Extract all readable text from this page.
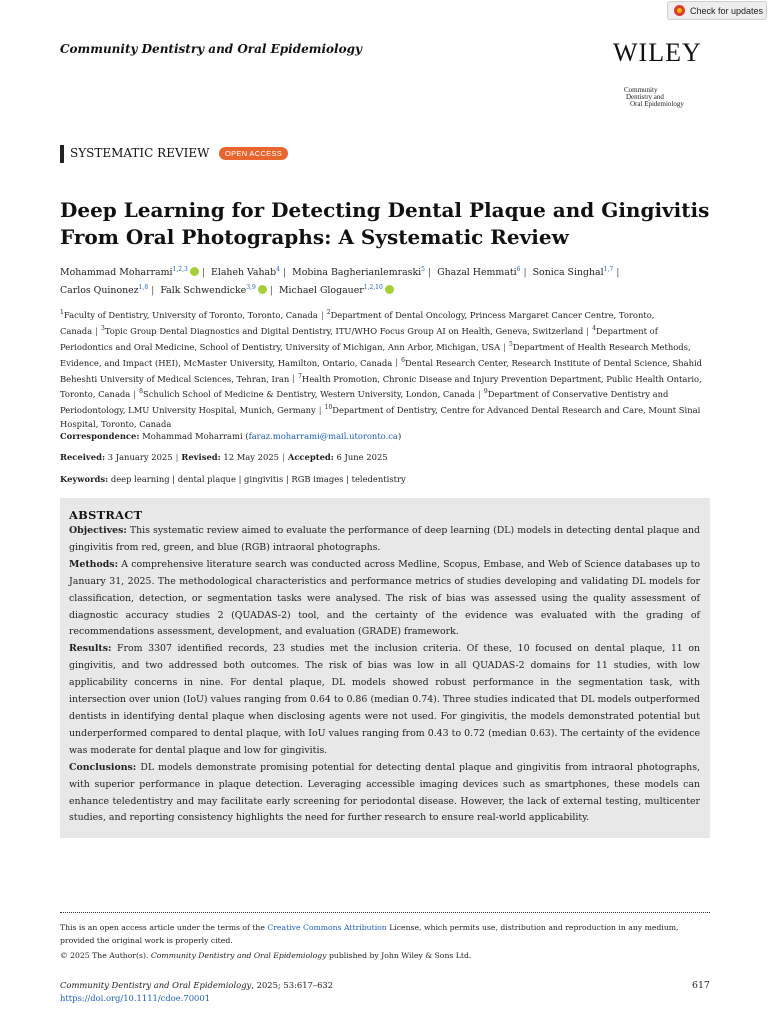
Check for updates
Community Dentistry and Oral Epidemiology	WILEY
Community
Dentistry and
Oral Epidemiology
SYSTEMATIC REVIEW	OPEN ACCESS
Deep Learning for Detecting Dental Plaque and Gingivitis
From Oral Photographs: A Systematic Review
Mohammad Moharrami$^{1,2,3}$ | Elaheh Vahab$^4$ | Mobina Bagherianlemraski$^5$ | Ghazal Hemmati$^6$ | Sonica Singhal$^{1,7}$ |
Carlos Quinonez$^{1,8}$ | Falk Schwendicke$^{3,9}$ | Michael Glogauer$^{1,2,10}$
$^1$Faculty of Dentistry, University of Toronto, Toronto, Canada | $^2$Department of Dental Oncology, Princess Margaret Cancer Centre, Toronto, Canada | $^3$Topic Group Dental Diagnostics and Digital Dentistry, ITU/WHO Focus Group AI on Health, Geneva, Switzerland | $^4$Department of Periodontics and Oral Medicine, School of Dentistry, University of Michigan, Ann Arbor, Michigan, USA | $^5$Department of Health Research Methods, Evidence, and Impact (HEI), McMaster University, Hamilton, Ontario, Canada | $^6$Dental Research Center, Research Institute of Dental Science, Shahid Beheshti University of Medical Sciences, Tehran, Iran | $^7$Health Promotion, Chronic Disease and Injury Prevention Department, Public Health Ontario, Toronto, Canada | $^8$Schulich School of Medicine & Dentistry, Western University, London, Canada | $^9$Department of Conservative Dentistry and Periodontology, LMU University Hospital, Munich, Germany | $^{10}$Department of Dentistry, Centre for Advanced Dental Research and Care, Mount Sinai Hospital, Toronto, Canada
Correspondence: Mohammad Moharrami (faraz.moharrami@mail.utoronto.ca)
Received: 3 January 2025 | Revised: 12 May 2025 | Accepted: 6 June 2025
Keywords: deep learning | dental plaque | gingivitis | RGB images | teledentistry
ABSTRACT

Objectives: This systematic review aimed to evaluate the performance of deep learning (DL) models in detecting dental plaque and gingivitis from red, green, and blue (RGB) intraoral photographs.

Methods: A comprehensive literature search was conducted across Medline, Scopus, Embase, and Web of Science databases up to January 31, 2025. The methodological characteristics and performance metrics of studies developing and validating DL models for classification, detection, or segmentation tasks were analysed. The risk of bias was assessed using the quality assessment of diagnostic accuracy studies 2 (QUADAS-2) tool, and the certainty of the evidence was evaluated with the grading of recommendations assessment, development, and evaluation (GRADE) framework.

Results: From 3307 identified records, 23 studies met the inclusion criteria. Of these, 10 focused on dental plaque, 11 on gingivitis, and two addressed both outcomes. The risk of bias was low in all QUADAS-2 domains for 11 studies, with low applicability concerns in nine. For dental plaque, DL models showed robust performance in the segmentation task, with intersection over union (IoU) values ranging from 0.64 to 0.86 (median 0.74). Three studies indicated that DL models outperformed dentists in identifying dental plaque when disclosing agents were not used. For gingivitis, the models demonstrated potential but underperformed compared to dental plaque, with IoU values ranging from 0.43 to 0.72 (median 0.63). The certainty of the evidence was moderate for dental plaque and low for gingivitis.

Conclusions: DL models demonstrate promising potential for detecting dental plaque and gingivitis from intraoral photographs, with superior performance in plaque detection. Leveraging accessible imaging devices such as smartphones, these models can enhance teledentistry and may facilitate early screening for periodontal disease. However, the lack of external testing, multicenter studies, and reporting consistency highlights the need for further research to ensure real-world applicability.

This is an open access article under the terms of the Creative Commons Attribution License, which permits use, distribution and reproduction in any medium, provided the original work is properly cited.
© 2025 The Author(s). Community Dentistry and Oral Epidemiology published by John Wiley & Sons Ltd.
Community Dentistry and Oral Epidemiology, 2025; 53:617–632
https://doi.org/10.1111/cdoe.70001
617
